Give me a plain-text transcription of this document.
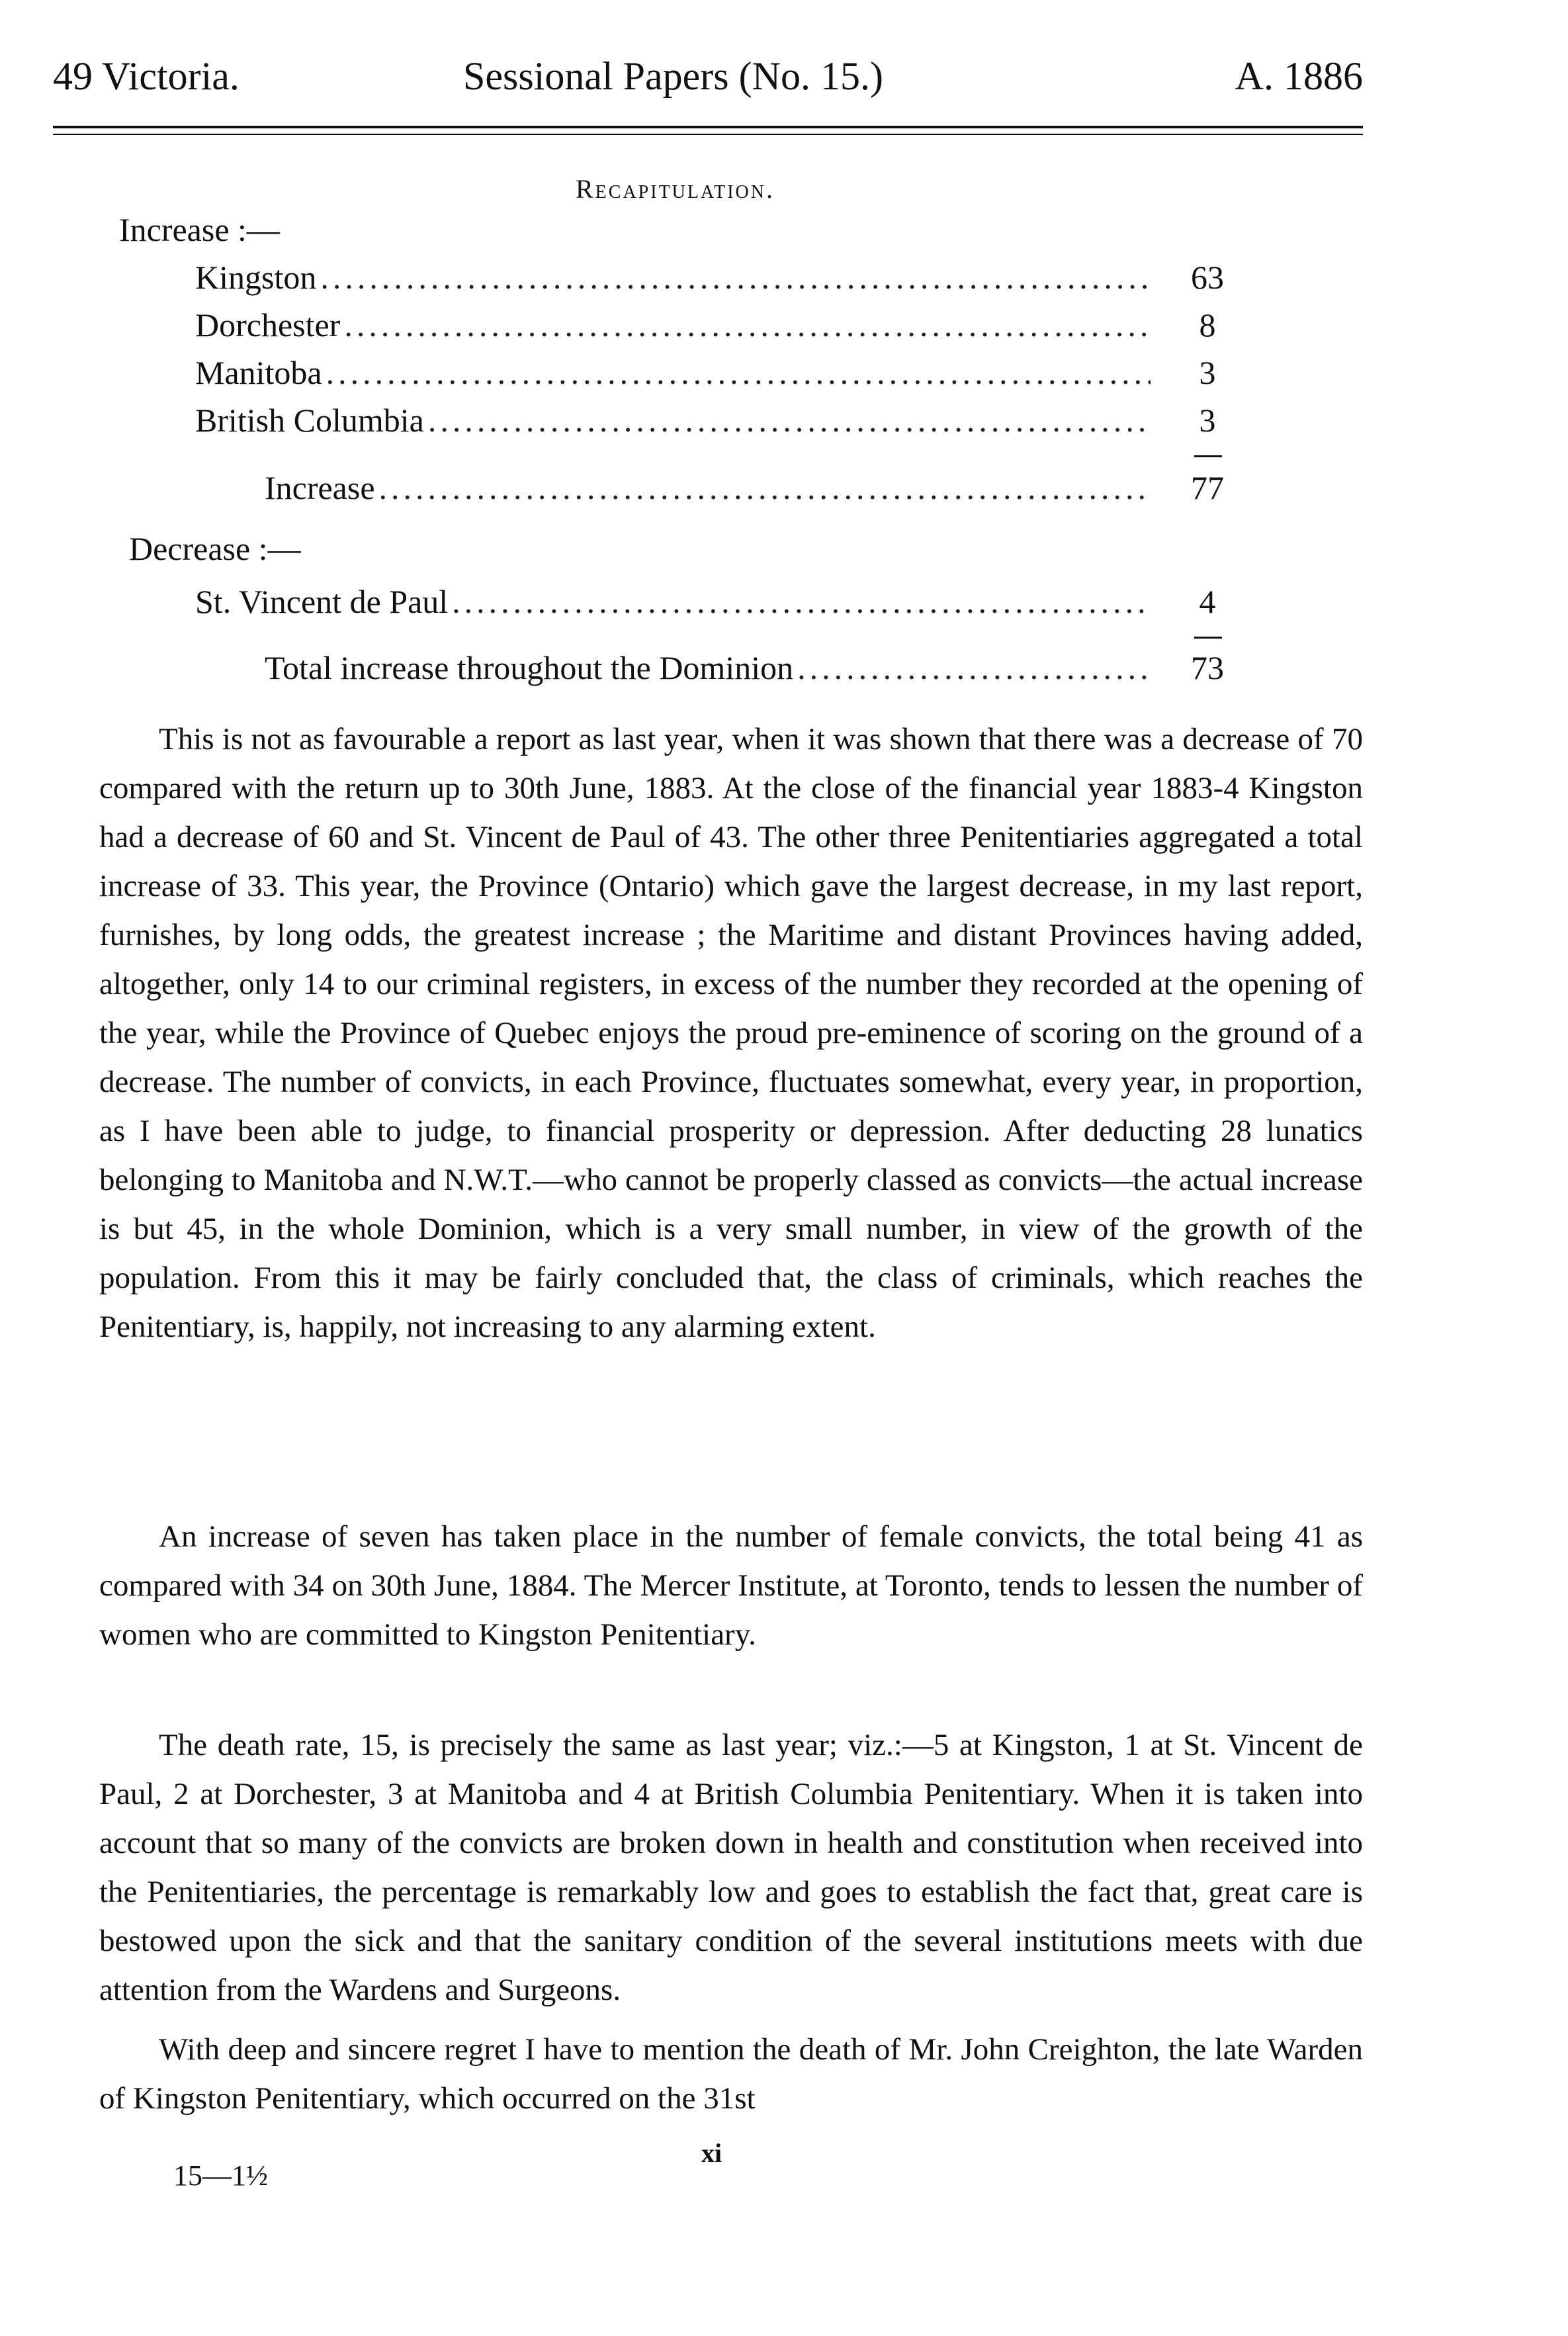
49 Victoria.	Sessional Papers (No. 15.)	A. 1886
Recapitulation.
Increase :—
Kingston .....	63
Dorchester .....	8
Manitoba .....	3
British Columbia .....	3
Increase .....	77
Decrease :—
St. Vincent de Paul .....	4
Total increase throughout the Dominion .....	73

This is not as favourable a report as last year, when it was shown that there was a decrease of 70 compared with the return up to 30th June, 1883. At the close of the financial year 1883-4 Kingston had a decrease of 60 and St. Vincent de Paul of 43. The other three Penitentiaries aggregated a total increase of 33. This year, the Province (Ontario) which gave the largest decrease, in my last report, furnishes, by long odds, the greatest increase ; the Maritime and distant Provinces having added, altogether, only 14 to our criminal registers, in excess of the number they recorded at the opening of the year, while the Province of Quebec enjoys the proud pre-eminence of scoring on the ground of a decrease. The number of convicts, in each Province, fluctuates somewhat, every year, in proportion, as I have been able to judge, to financial prosperity or depression. After deducting 28 lunatics belonging to Manitoba and N.W.T.—who cannot be properly classed as convicts—the actual increase is but 45, in the whole Dominion, which is a very small number, in view of the growth of the population. From this it may be fairly concluded that, the class of criminals, which reaches the Penitentiary, is, happily, not increasing to any alarming extent.

An increase of seven has taken place in the number of female convicts, the total being 41 as compared with 34 on 30th June, 1884. The Mercer Institute, at Toronto, tends to lessen the number of women who are committed to Kingston Penitentiary.

The death rate, 15, is precisely the same as last year; viz.:—5 at Kingston, 1 at St. Vincent de Paul, 2 at Dorchester, 3 at Manitoba and 4 at British Columbia Penitentiary. When it is taken into account that so many of the convicts are broken down in health and constitution when received into the Penitentiaries, the percentage is remarkably low and goes to establish the fact that, great care is bestowed upon the sick and that the sanitary condition of the several institutions meets with due attention from the Wardens and Surgeons.

With deep and sincere regret I have to mention the death of Mr. John Creighton, the late Warden of Kingston Penitentiary, which occurred on the 31st

15—1½
xi
